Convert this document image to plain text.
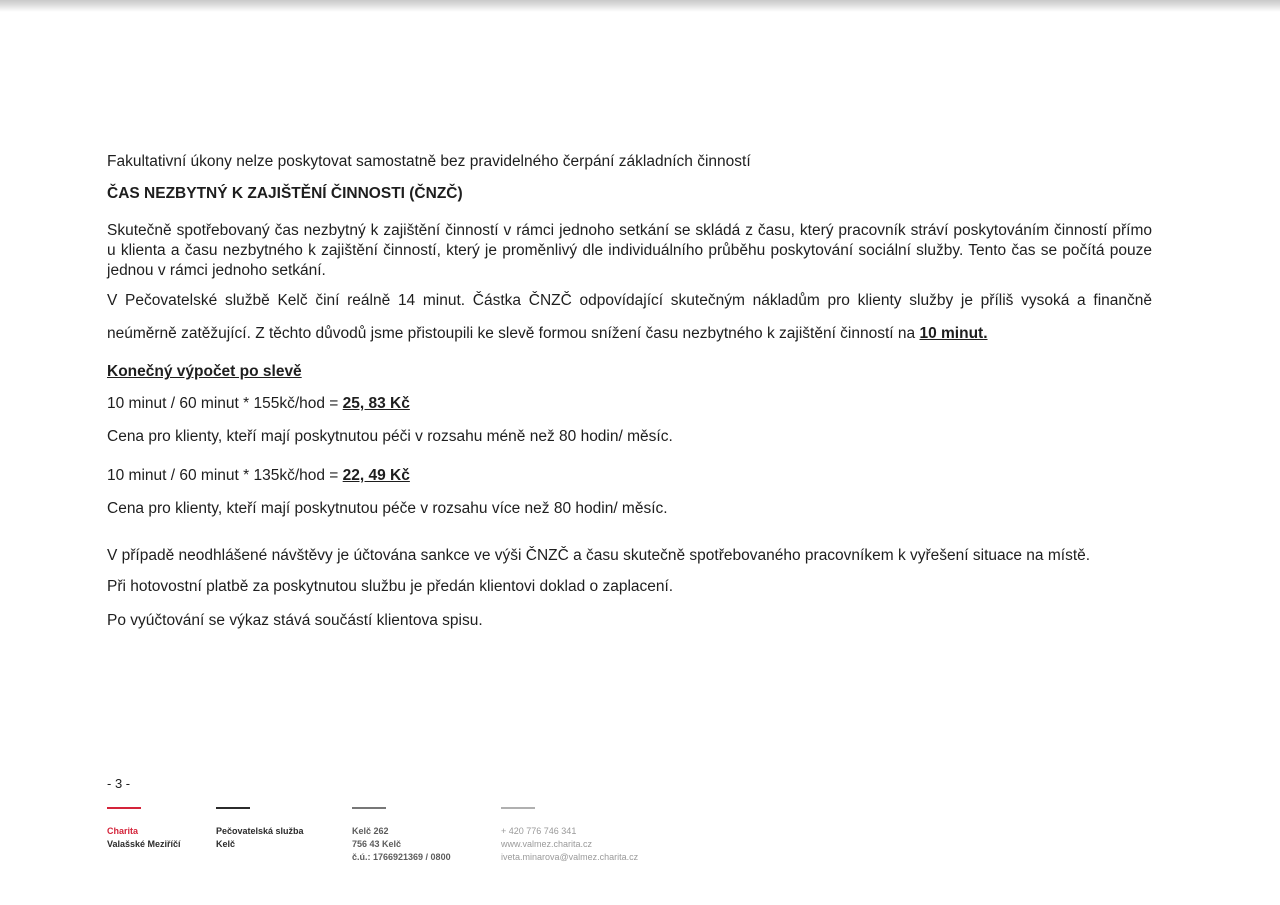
Fakultativní úkony nelze poskytovat samostatně bez pravidelného čerpání základních činností

ČAS NEZBYTNÝ K ZAJIŠTĚNÍ ČINNOSTI (ČNZČ)

Skutečně spotřebovaný čas nezbytný k zajištění činností v rámci jednoho setkání se skládá z času, který pracovník stráví poskytováním činností přímo u klienta a času nezbytného k zajištění činností, který je proměnlivý dle individuálního průběhu poskytování sociální služby. Tento čas se počítá pouze jednou v rámci jednoho setkání.

V Pečovatelské službě Kelč činí reálně 14 minut. Částka ČNZČ odpovídající skutečným nákladům pro klienty služby je příliš vysoká a finančně neúměrně zatěžující. Z těchto důvodů jsme přistoupili ke slevě formou snížení času nezbytného k zajištění činností na 10 minut.

Konečný výpočet po slevě

10 minut / 60 minut * 155kč/hod = 25, 83 Kč

Cena pro klienty, kteří mají poskytnutou péči v rozsahu méně než 80 hodin/ měsíc.

10 minut / 60 minut * 135kč/hod = 22, 49 Kč

Cena pro klienty, kteří mají poskytnutou péče v rozsahu více než 80 hodin/ měsíc.

V případě neodhlášené návštěvy je účtována sankce ve výši ČNZČ a času skutečně spotřebovaného pracovníkem k vyřešení situace na místě.

Při hotovostní platbě za poskytnutou službu je předán klientovi doklad o zaplacení.

Po vyúčtování se výkaz stává součástí klientova spisu.

- 3 -
Charita
Valašské Meziříčí
Pečovatelská služba
Kelč
Kelč 262
756 43 Kelč
č.ú.: 1766921369 / 0800
+ 420 776 746 341
www.valmez.charita.cz
iveta.minarova@valmez.charita.cz
